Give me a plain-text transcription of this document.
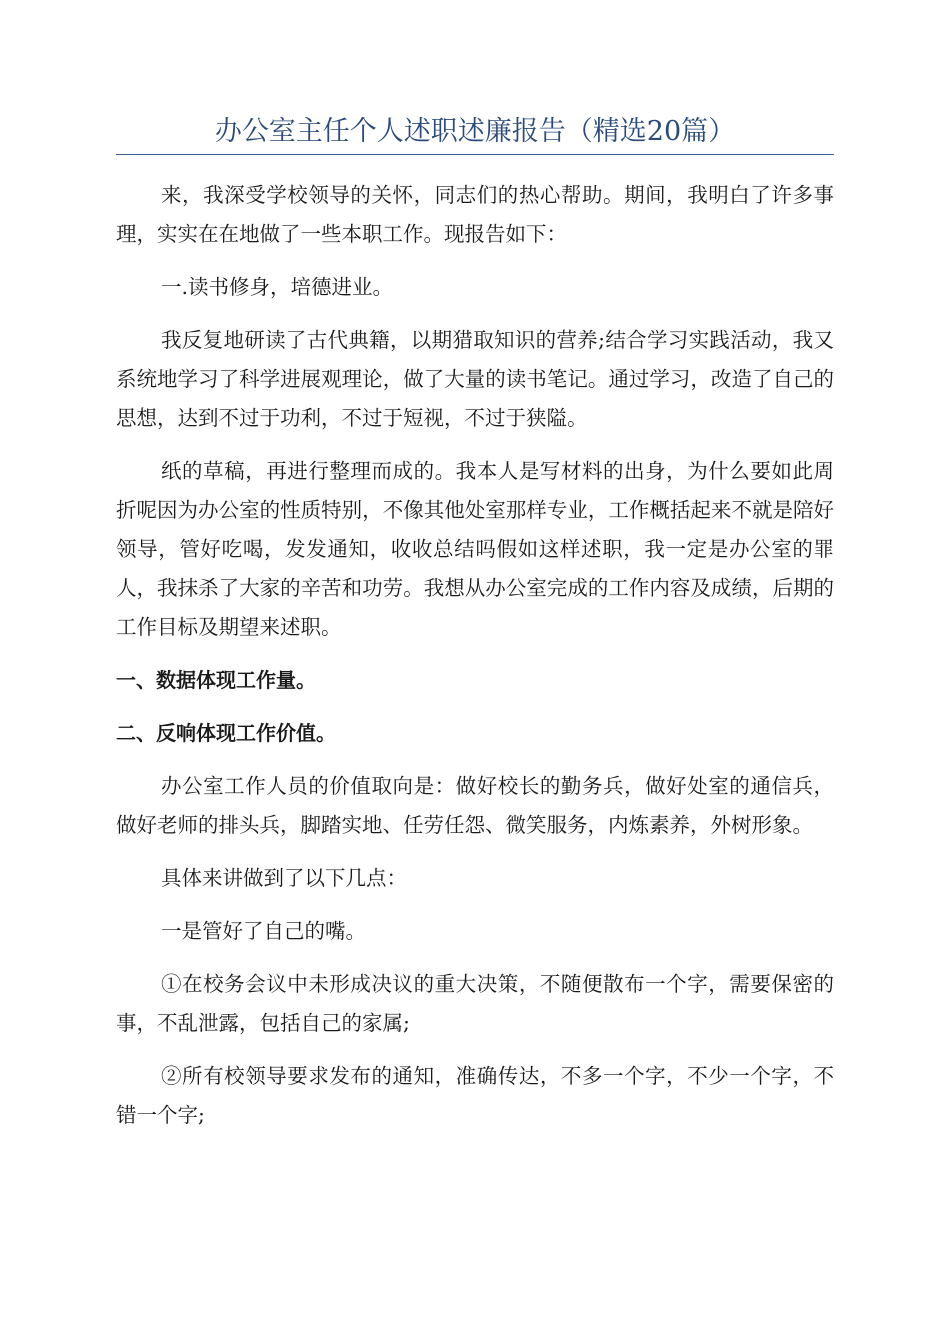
办公室主任个人述职述廉报告（精选20篇）

来，我深受学校领导的关怀，同志们的热心帮助。期间，我明白了许多事理，实实在在地做了一些本职工作。现报告如下：

一.读书修身，培德进业。

我反复地研读了古代典籍，以期猎取知识的营养;结合学习实践活动，我又系统地学习了科学进展观理论，做了大量的读书笔记。通过学习，改造了自己的思想，达到不过于功利，不过于短视，不过于狭隘。

纸的草稿，再进行整理而成的。我本人是写材料的出身，为什么要如此周折呢因为办公室的性质特别，不像其他处室那样专业，工作概括起来不就是陪好领导，管好吃喝，发发通知，收收总结吗假如这样述职，我一定是办公室的罪人，我抹杀了大家的辛苦和功劳。我想从办公室完成的工作内容及成绩，后期的工作目标及期望来述职。

一、数据体现工作量。

二、反响体现工作价值。

办公室工作人员的价值取向是：做好校长的勤务兵，做好处室的通信兵，做好老师的排头兵，脚踏实地、任劳任怨、微笑服务，内炼素养，外树形象。

具体来讲做到了以下几点：

一是管好了自己的嘴。

①在校务会议中未形成决议的重大决策，不随便散布一个字，需要保密的事，不乱泄露，包括自己的家属;

②所有校领导要求发布的通知，准确传达，不多一个字，不少一个字，不错一个字;
